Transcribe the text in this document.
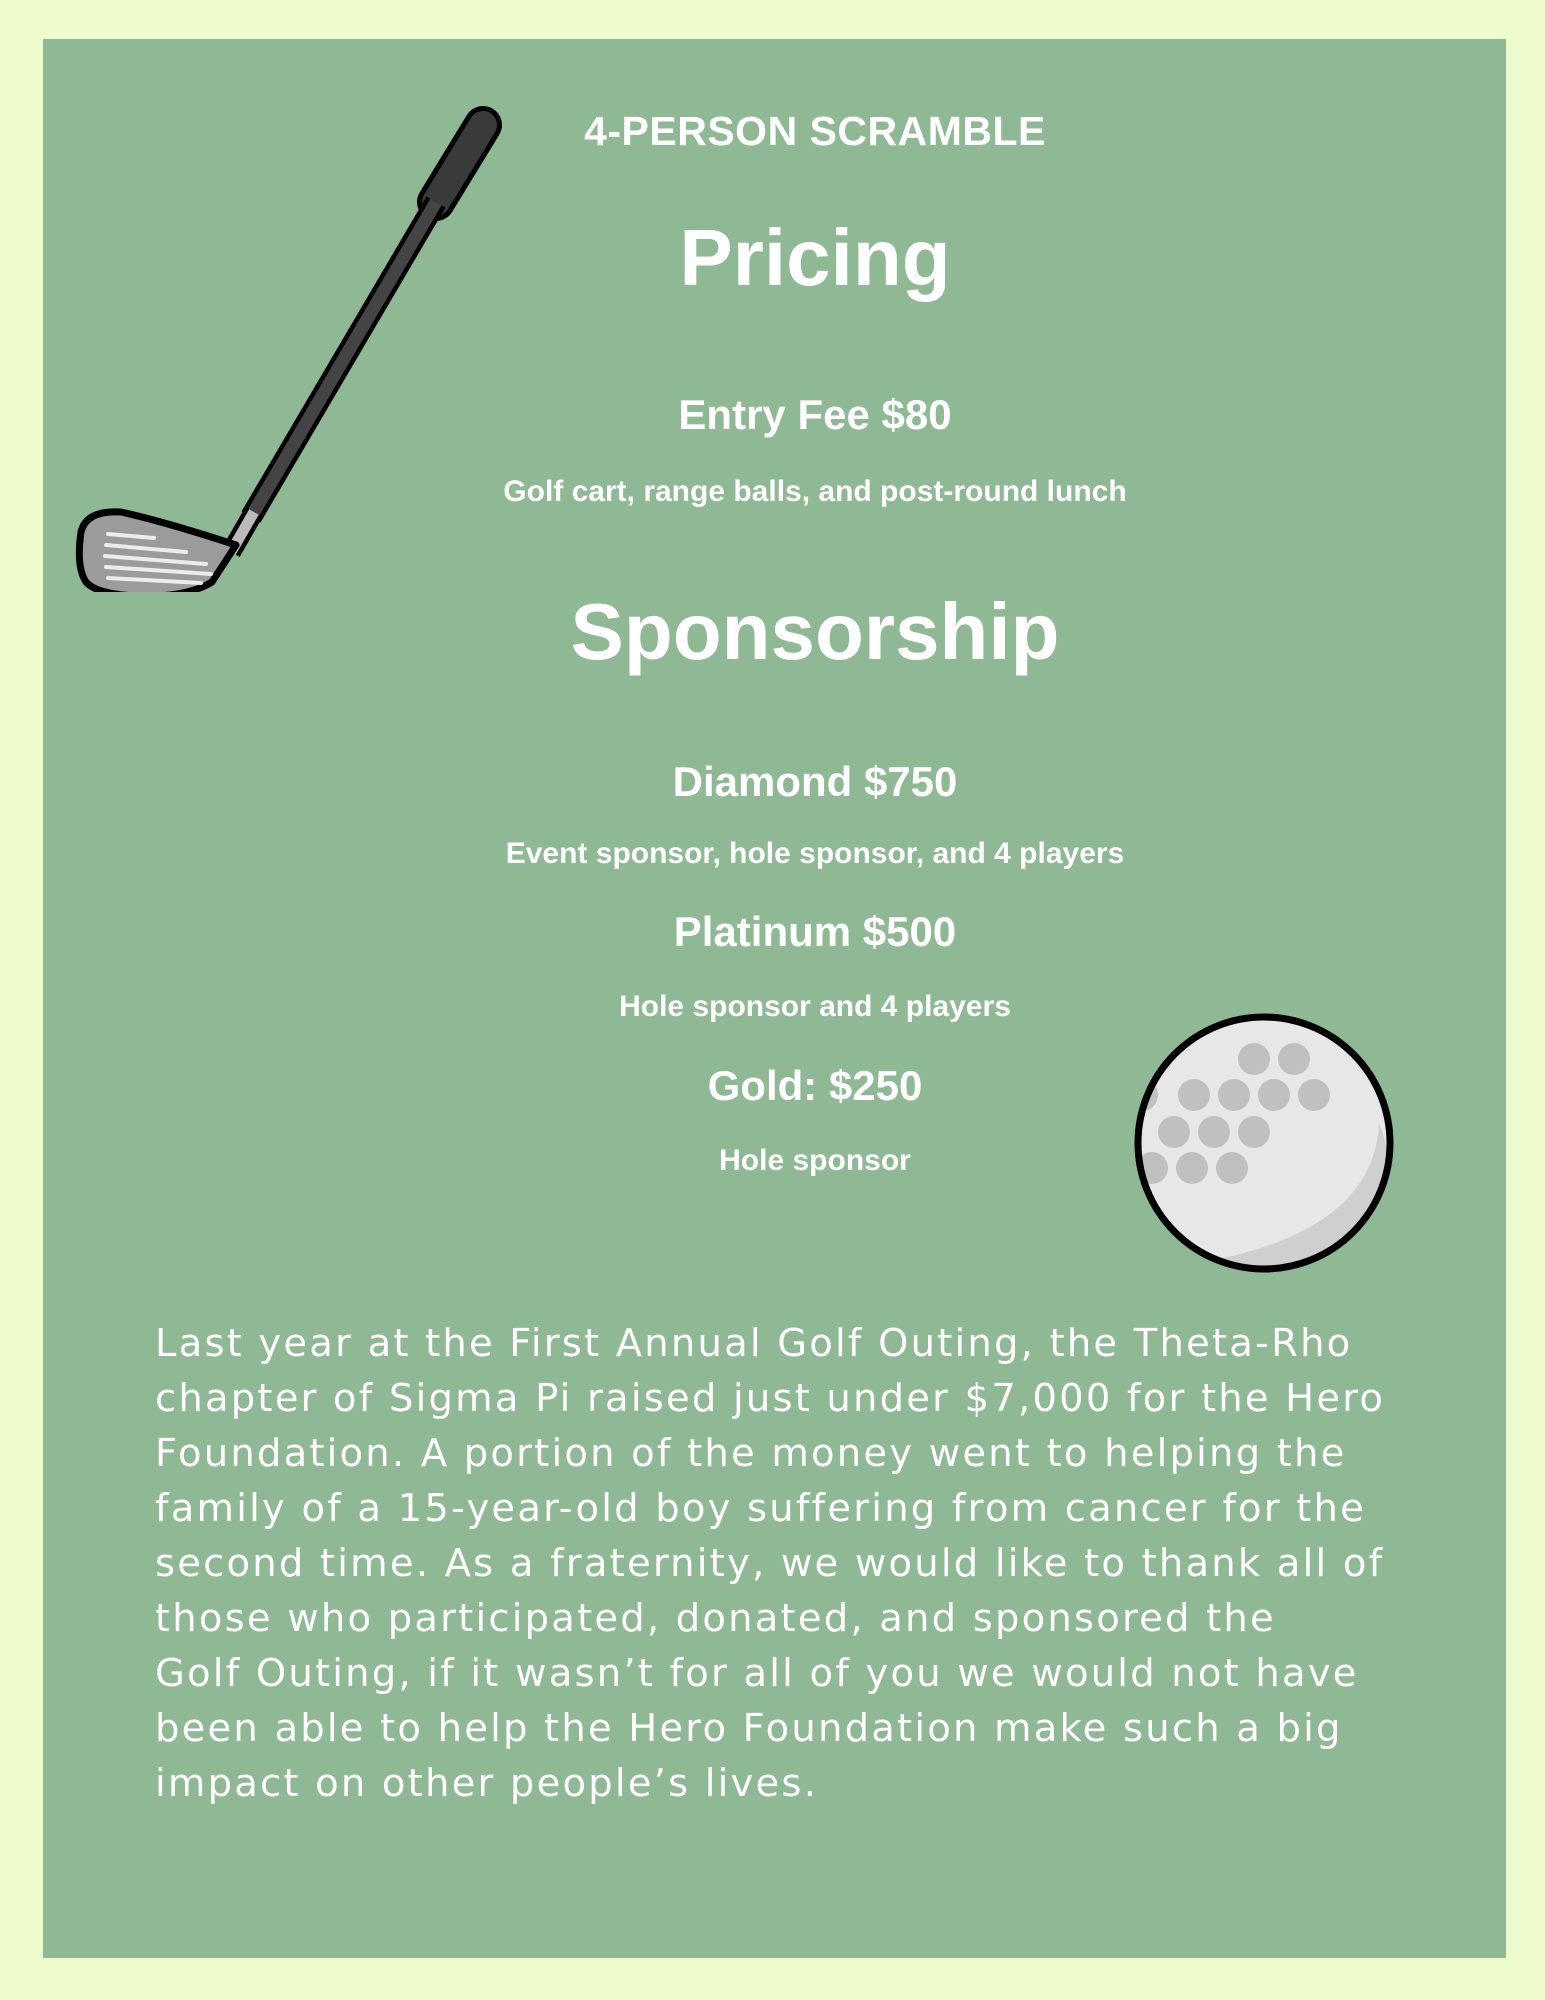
4-PERSON SCRAMBLE
Pricing
Entry Fee $80
Golf cart, range balls, and post-round lunch
Sponsorship
Diamond $750
Event sponsor, hole sponsor, and 4 players
Platinum $500
Hole sponsor and 4 players
Gold: $250
Hole sponsor

Last year at the First Annual Golf Outing, the Theta-Rho
chapter of Sigma Pi raised just under $7,000 for the Hero
Foundation. A portion of the money went to helping the
family of a 15-year-old boy suffering from cancer for the
second time. As a fraternity, we would like to thank all of
those who participated, donated, and sponsored the
Golf Outing, if it wasn’t for all of you we would not have
been able to help the Hero Foundation make such a big
impact on other people’s lives.
